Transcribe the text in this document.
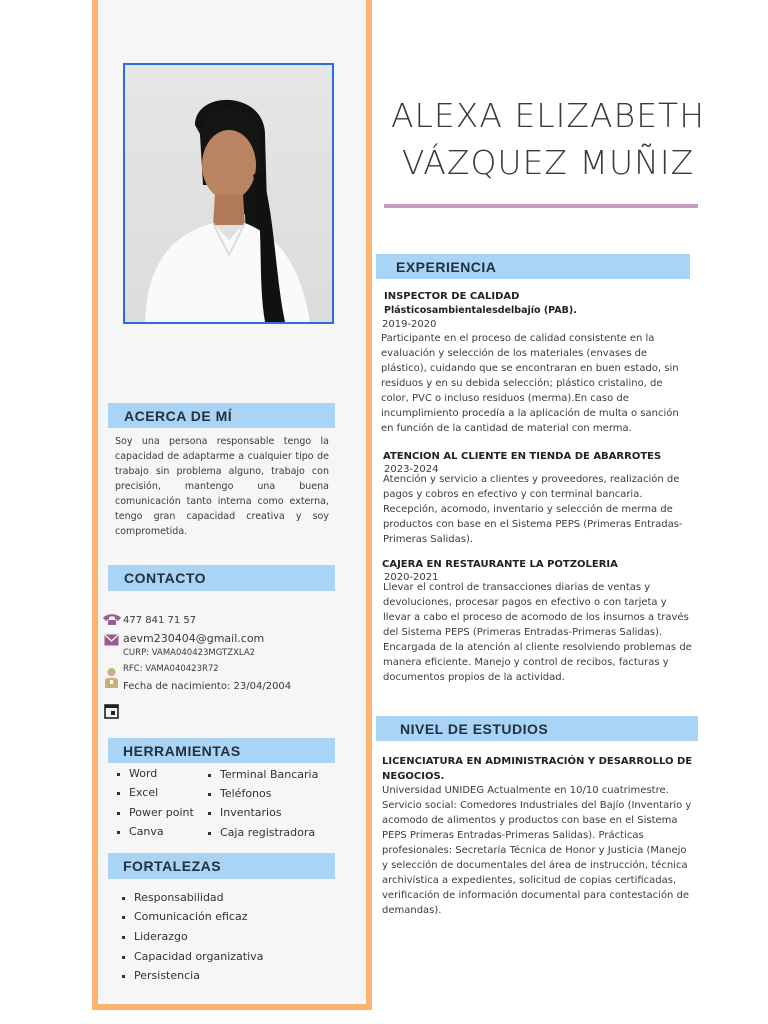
ALEXA ELIZABETH
VÁZQUEZ MUÑIZ
ACERCA DE MÍ
Soy una persona responsable tengo la capacidad de adaptarme a cualquier tipo de trabajo sin problema alguno, trabajo con precisión, mantengo una buena comunicación tanto interna como externa, tengo gran capacidad creativa y soy comprometida.
CONTACTO
477 841 71 57
aevm230404@gmail.com
CURP: VAMA040423MGTZXLA2
RFC: VAMA040423R72
Fecha de nacimiento: 23/04/2004
HERRAMIENTAS
Word
Excel
Power point
Canva
Terminal Bancaria
Teléfonos
Inventarios
Caja registradora
FORTALEZAS
Responsabilidad
Comunicación eficaz
Liderazgo
Capacidad organizativa
Persistencia
EXPERIENCIA
INSPECTOR DE CALIDAD
Plásticosambientalesdelbajío (PAB).
2019-2020
Participante en el proceso de calidad consistente en la evaluación y selección de los materiales (envases de plástico), cuidando que se encontraran en buen estado, sin residuos y en su debida selección; plástico cristalino, de color, PVC o incluso residuos (merma).En caso de incumplimiento procedía a la aplicación de multa o sanción en función de la cantidad de material con merma.
ATENCION AL CLIENTE EN TIENDA DE ABARROTES
2023-2024
Atención y servicio a clientes y proveedores, realización de pagos y cobros en efectivo y con terminal bancaria. Recepción, acomodo, inventario y selección de merma de productos con base en el Sistema PEPS (Primeras Entradas-Primeras Salidas).
CAJERA EN RESTAURANTE LA POTZOLERIA
2020-2021
Llevar el control de transacciones diarias de ventas y devoluciones, procesar pagos en efectivo o con tarjeta y llevar a cabo el proceso de acomodo de los insumos a través del Sistema PEPS (Primeras Entradas-Primeras Salidas). Encargada de la atención al cliente resolviendo problemas de manera eficiente. Manejo y control de recibos, facturas y documentos propios de la actividad.
NIVEL DE ESTUDIOS
LICENCIATURA EN ADMINISTRACIÓN Y DESARROLLO DE NEGOCIOS.
Universidad UNIDEG Actualmente en 10/10 cuatrimestre. Servicio social: Comedores Industriales del Bajío (Inventario y acomodo de alimentos y productos con base en el Sistema PEPS Primeras Entradas-Primeras Salidas). Prácticas profesionales: Secretaría Técnica de Honor y Justicia (Manejo y selección de documentales del área de instrucción, técnica archivística a expedientes, solicitud de copias certificadas, verificación de información documental para contestación de demandas).
